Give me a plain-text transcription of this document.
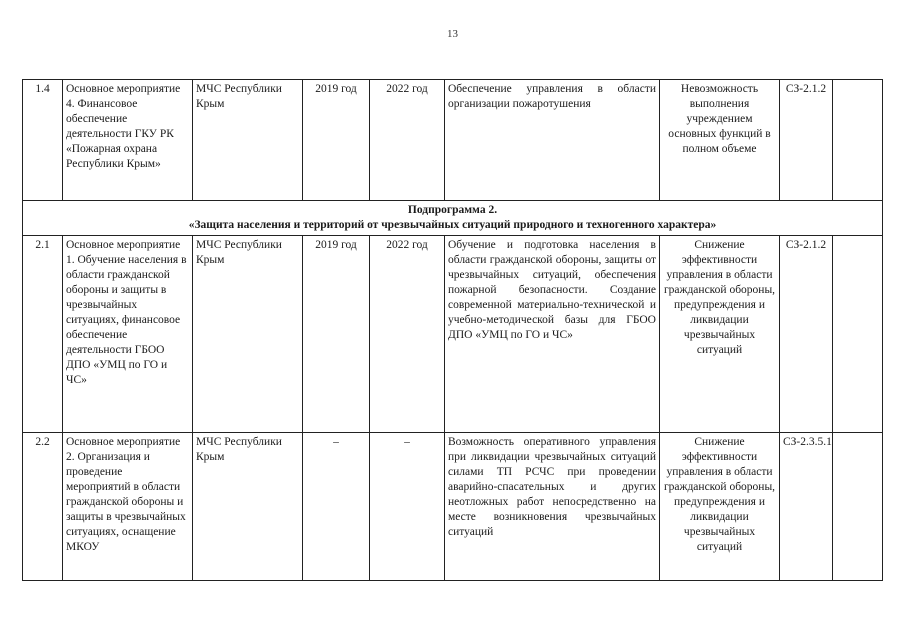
13
1.4	Основное мероприятие 4. Финансовое обеспечение деятельности ГКУ РК «Пожарная охрана Республики Крым»	МЧС Республики Крым	2019 год	2022 год	Обеспечение управления в области организации пожаротушения	Невозможность выполнения учреждением основных функций в полном объеме	СЗ-2.1.2	

Подпрограмма 2.
«Защита населения и территорий от чрезвычайных ситуаций природного и техногенного характера»								

2.1	Основное мероприятие 1. Обучение населения в области гражданской обороны и защиты в чрезвычайных ситуациях, финансовое обеспечение деятельности ГБОО ДПО «УМЦ по ГО и ЧС»	МЧС Республики Крым	2019 год	2022 год	Обучение и подготовка населения в области гражданской обороны, защиты от чрезвычайных ситуаций, обеспечения пожарной безопасности. Создание современной материально-технической и учебно-методической базы для ГБОО ДПО «УМЦ по ГО и ЧС»	Снижение эффективности управления в области гражданской обороны, предупреждения и ликвидации чрезвычайных ситуаций	СЗ-2.1.2	
2.2	Основное мероприятие 2. Организация и проведение мероприятий в области гражданской обороны и защиты в чрезвычайных ситуациях, оснащение МКОУ	МЧС Республики Крым	–	–	Возможность оперативного управления при ликвидации чрезвычайных ситуаций силами ТП РСЧС при проведении аварийно-спасательных и других неотложных работ непосредственно на месте возникновения чрезвычайных ситуаций	Снижение эффективности управления в области гражданской обороны, предупреждения и ликвидации чрезвычайных ситуаций	СЗ-2.3.5.1	
